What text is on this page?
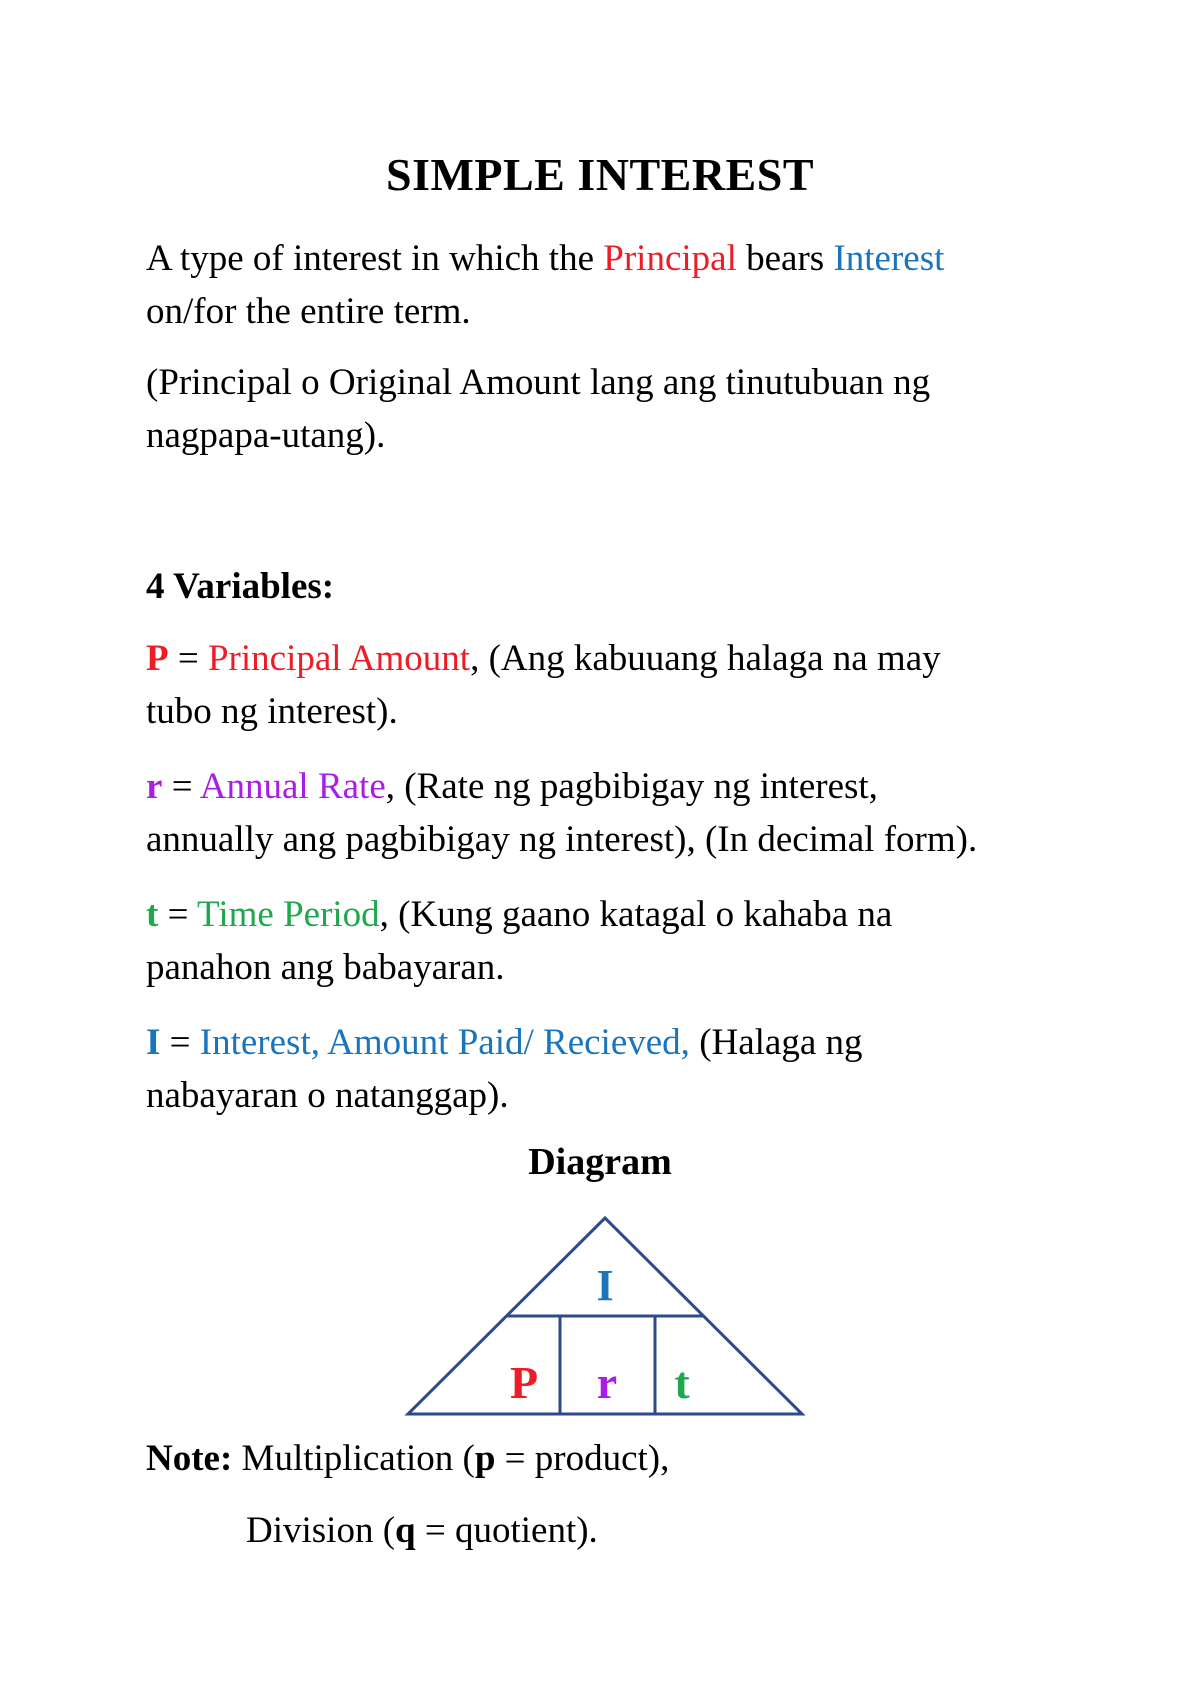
SIMPLE INTEREST
A type of interest in which the Principal bears Interest
on/for the entire term.
(Principal o Original Amount lang ang tinutubuan ng
nagpapa-utang).
4 Variables:
P = Principal Amount, (Ang kabuuang halaga na may
tubo ng interest).
r = Annual Rate, (Rate ng pagbibigay ng interest,
annually ang pagbibigay ng interest), (In decimal form).
t = Time Period, (Kung gaano katagal o kahaba na
panahon ang babayaran.
I = Interest, Amount Paid/ Recieved, (Halaga ng
nabayaran o natanggap).
Diagram
I
P r t
Note: Multiplication (p = product),
Division (q = quotient).
